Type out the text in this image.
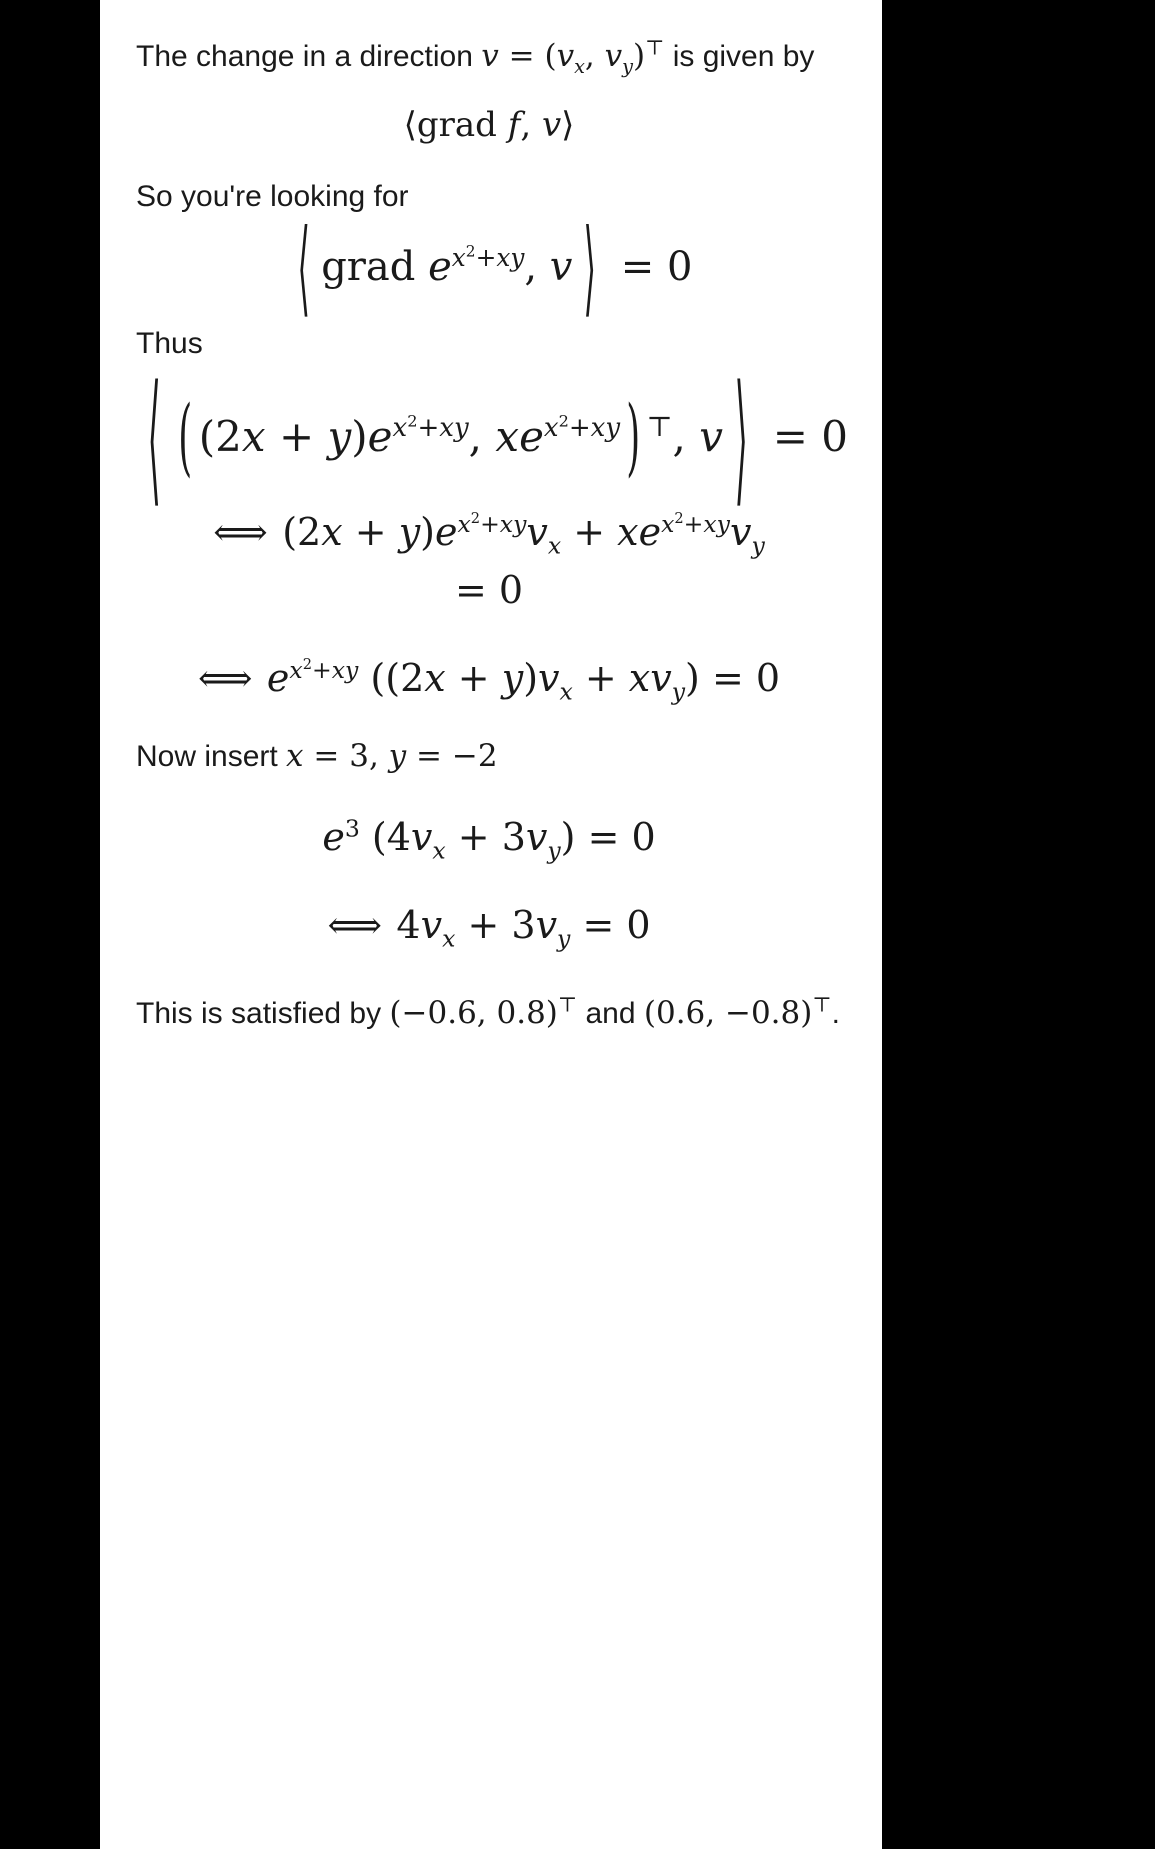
The change in a direction $v = (v_x$, $v_y)^⊤$ is given by

⟨grad f, v⟩

So you're looking for

⟨ grad $e^{x^2+xy}$, v ⟩ = 0

Thus

⟨ ( $(2x + y)e^{x^2+xy}$, $xe^{x^2+xy}$ ) ⊤, v ⟩ = 0
⟺ $(2x + y)e^{x^2+xy}v_x + xe^{x^2+xy}v_y$
= 0
⟺ $e^{x^2+xy}$ $((2x + y)v_x + xv_y) = 0$

Now insert x = 3, y = −2

$e^3$ $(4v_x + 3v_y) = 0$
⟺ $4v_x + 3v_y = 0$

This is satisfied by (−0.6, 0.8)⊤ and (0.6, −0.8)⊤.
